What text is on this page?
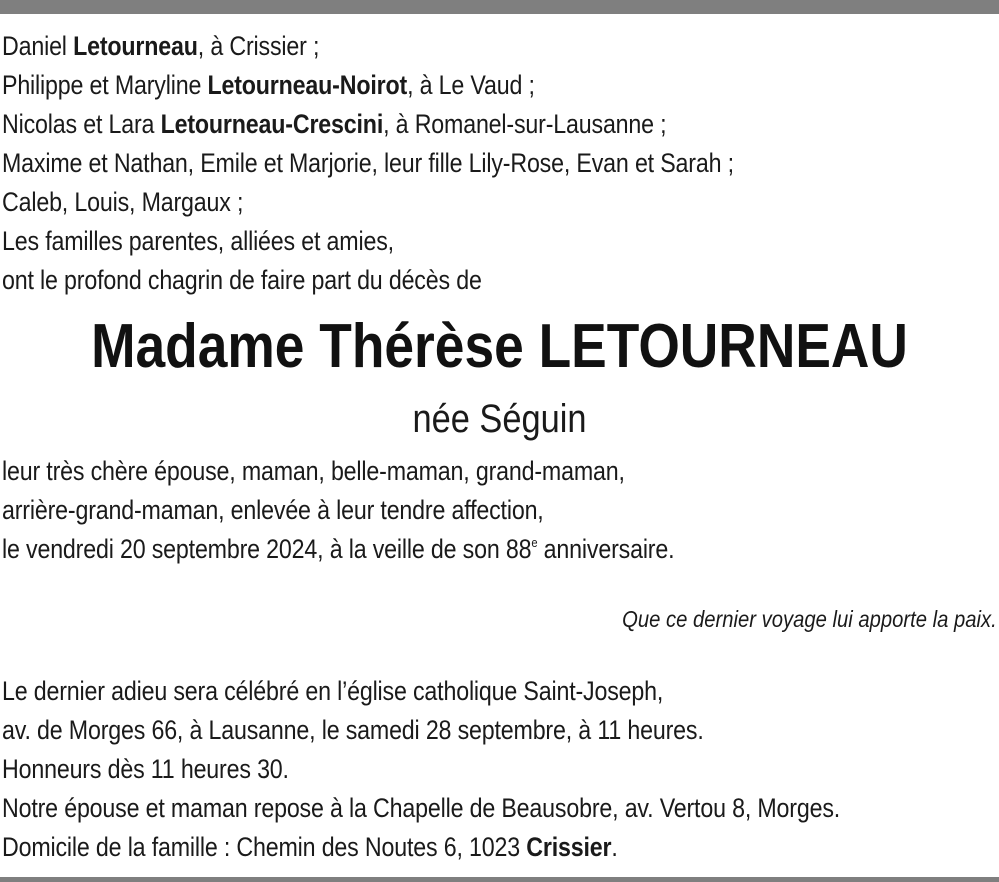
Daniel Letourneau, à Crissier ;
Philippe et Maryline Letourneau-Noirot, à Le Vaud ;
Nicolas et Lara Letourneau-Crescini, à Romanel-sur-Lausanne ;
Maxime et Nathan, Emile et Marjorie, leur fille Lily-Rose, Evan et Sarah ;
Caleb, Louis, Margaux ;
Les familles parentes, alliées et amies,
ont le profond chagrin de faire part du décès de
Madame Thérèse LETOURNEAU
née Séguin
leur très chère épouse, maman, belle-maman, grand-maman,
arrière-grand-maman, enlevée à leur tendre affection,
le vendredi 20 septembre 2024, à la veille de son 88e anniversaire.

Que ce dernier voyage lui apporte la paix.

Le dernier adieu sera célébré en l’église catholique Saint-Joseph,
av. de Morges 66, à Lausanne, le samedi 28 septembre, à 11 heures.
Honneurs dès 11 heures 30.
Notre épouse et maman repose à la Chapelle de Beausobre, av. Vertou 8, Morges.
Domicile de la famille : Chemin des Noutes 6, 1023 Crissier.
